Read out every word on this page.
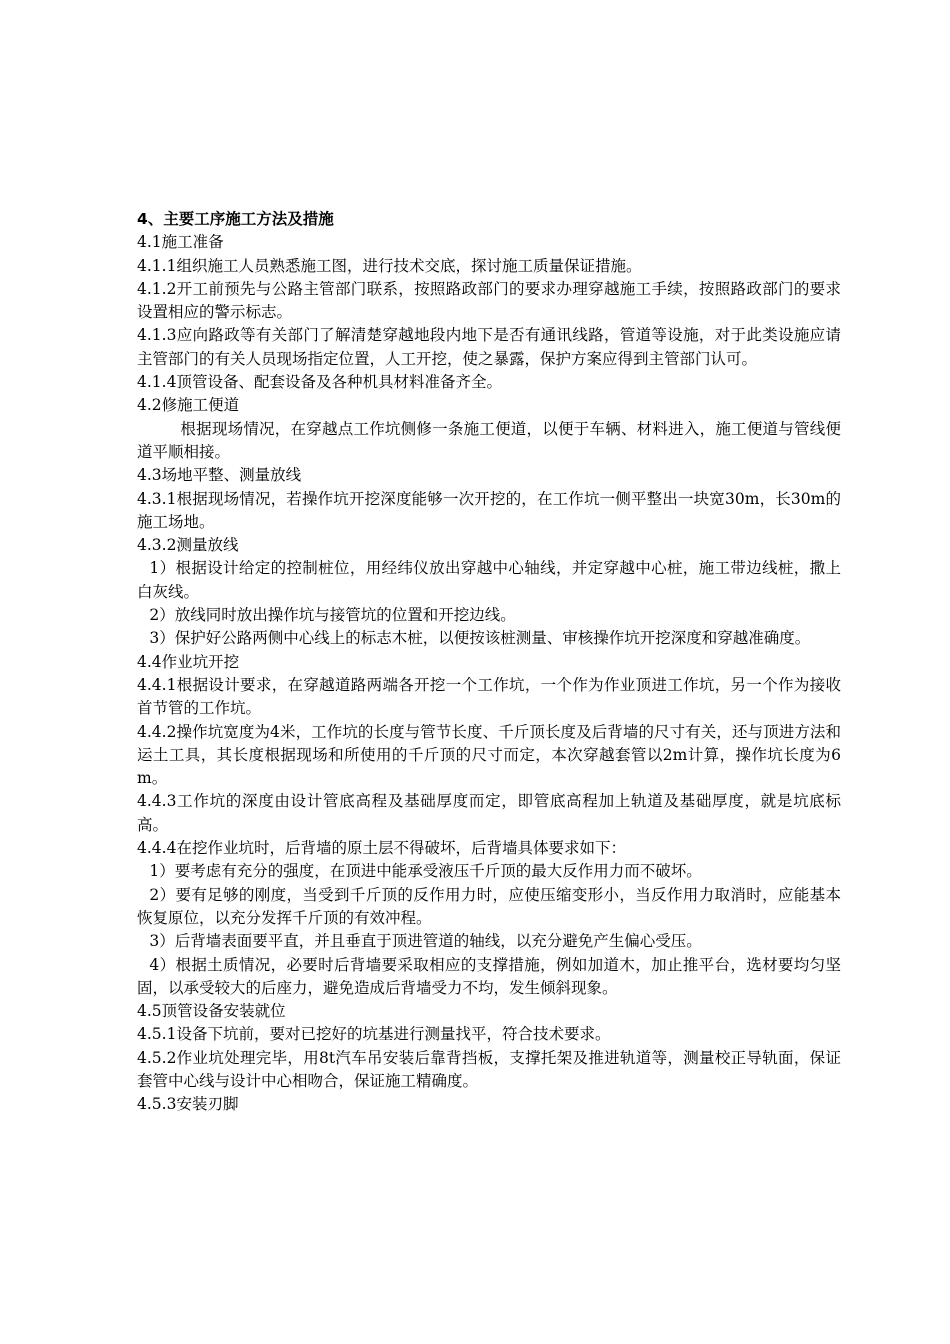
4、主要工序施工方法及措施
4.1施工准备
4.1.1组织施工人员熟悉施工图，进行技术交底，探讨施工质量保证措施。
4.1.2开工前预先与公路主管部门联系，按照路政部门的要求办理穿越施工手续，按照路政部门的要求设置相应的警示标志。
4.1.3应向路政等有关部门了解清楚穿越地段内地下是否有通讯线路，管道等设施，对于此类设施应请主管部门的有关人员现场指定位置，人工开挖，使之暴露，保护方案应得到主管部门认可。
4.1.4顶管设备、配套设备及各种机具材料准备齐全。
4.2修施工便道
根据现场情况，在穿越点工作坑侧修一条施工便道，以便于车辆、材料进入，施工便道与管线便道平顺相接。
4.3场地平整、测量放线
4.3.1根据现场情况，若操作坑开挖深度能够一次开挖的，在工作坑一侧平整出一块宽30m，长30m的施工场地。
4.3.2测量放线
1）根据设计给定的控制桩位，用经纬仪放出穿越中心轴线，并定穿越中心桩，施工带边线桩，撒上白灰线。
2）放线同时放出操作坑与接管坑的位置和开挖边线。
3）保护好公路两侧中心线上的标志木桩，以便按该桩测量、审核操作坑开挖深度和穿越准确度。
4.4作业坑开挖
4.4.1根据设计要求，在穿越道路两端各开挖一个工作坑，一个作为作业顶进工作坑，另一个作为接收首节管的工作坑。
4.4.2操作坑宽度为4米，工作坑的长度与管节长度、千斤顶长度及后背墙的尺寸有关，还与顶进方法和运土工具，其长度根据现场和所使用的千斤顶的尺寸而定，本次穿越套管以2m计算，操作坑长度为6m。
4.4.3工作坑的深度由设计管底高程及基础厚度而定，即管底高程加上轨道及基础厚度，就是坑底标高。
4.4.4在挖作业坑时，后背墙的原土层不得破坏，后背墙具体要求如下：
1）要考虑有充分的强度，在顶进中能承受液压千斤顶的最大反作用力而不破坏。
2）要有足够的刚度，当受到千斤顶的反作用力时，应使压缩变形小，当反作用力取消时，应能基本恢复原位，以充分发挥千斤顶的有效冲程。
3）后背墙表面要平直，并且垂直于顶进管道的轴线，以充分避免产生偏心受压。
4）根据土质情况，必要时后背墙要采取相应的支撑措施，例如加道木，加止推平台，选材要均匀坚固，以承受较大的后座力，避免造成后背墙受力不均，发生倾斜现象。
4.5顶管设备安装就位
4.5.1设备下坑前，要对已挖好的坑基进行测量找平，符合技术要求。
4.5.2作业坑处理完毕，用8t汽车吊安装后靠背挡板，支撑托架及推进轨道等，测量校正导轨面，保证套管中心线与设计中心相吻合，保证施工精确度。
4.5.3安装刃脚
